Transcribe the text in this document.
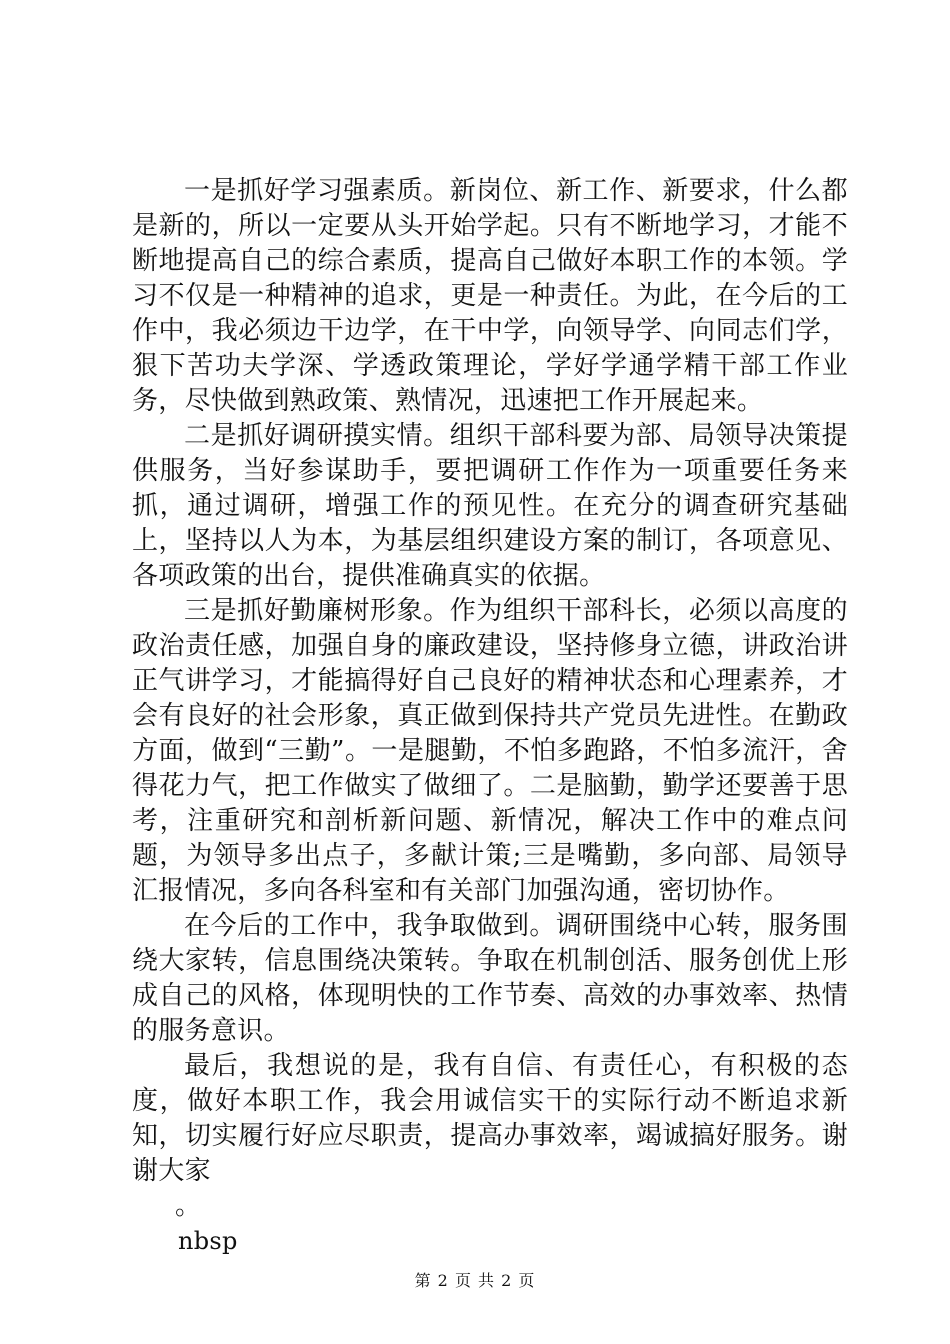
一是抓好学习强素质。新岗位、新工作、新要求，什么都是新的，所以一定要从头开始学起。只有不断地学习，才能不断地提高自己的综合素质，提高自己做好本职工作的本领。学习不仅是一种精神的追求，更是一种责任。为此，在今后的工作中，我必须边干边学，在干中学，向领导学、向同志们学，狠下苦功夫学深、学透政策理论，学好学通学精干部工作业务，尽快做到熟政策、熟情况，迅速把工作开展起来。

二是抓好调研摸实情。组织干部科要为部、局领导决策提供服务，当好参谋助手，要把调研工作作为一项重要任务来抓，通过调研，增强工作的预见性。在充分的调查研究基础上，坚持以人为本，为基层组织建设方案的制订，各项意见、各项政策的出台，提供准确真实的依据。

三是抓好勤廉树形象。作为组织干部科长，必须以高度的政治责任感，加强自身的廉政建设，坚持修身立德，讲政治讲正气讲学习，才能搞得好自己良好的精神状态和心理素养，才会有良好的社会形象，真正做到保持共产党员先进性。在勤政方面，做到“三勤”。一是腿勤，不怕多跑路，不怕多流汗，舍得花力气，把工作做实了做细了。二是脑勤，勤学还要善于思考，注重研究和剖析新问题、新情况，解决工作中的难点问题，为领导多出点子，多献计策;三是嘴勤，多向部、局领导汇报情况，多向各科室和有关部门加强沟通，密切协作。

在今后的工作中，我争取做到。调研围绕中心转，服务围绕大家转，信息围绕决策转。争取在机制创活、服务创优上形成自己的风格，体现明快的工作节奏、高效的办事效率、热情的服务意识。

最后，我想说的是，我有自信、有责任心，有积极的态度，做好本职工作，我会用诚信实干的实际行动不断追求新知，切实履行好应尽职责，提高办事效率，竭诚搞好服务。谢谢大家

。

nbsp

第 2 页 共 2 页
